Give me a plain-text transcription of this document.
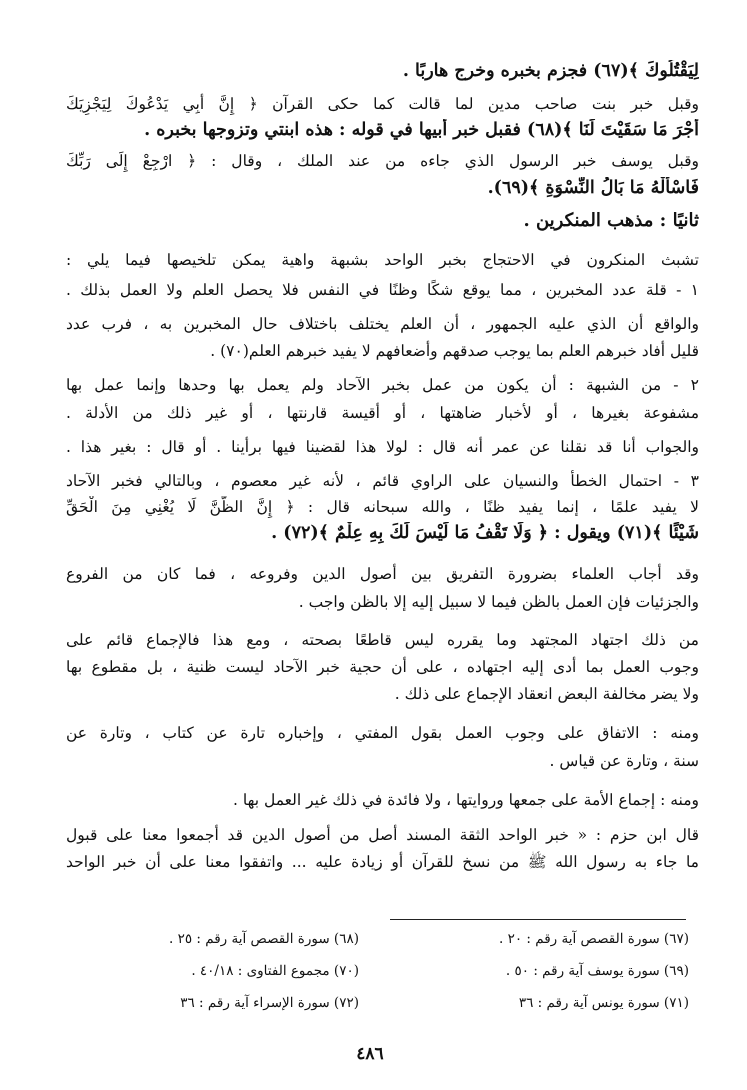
لِيَقْتُلُوكَ ﴾(٦٧) فجزم بخبره وخرج هاربًا .
وقبل خبر بنت صاحب مدين لما قالت كما حكى القرآن ﴿ إِنَّ أَبِي يَدْعُوكَ لِيَجْزِيَكَ
أَجْرَ مَا سَقَيْتَ لَنَا ﴾(٦٨) فقبل خبر أبيها في قوله : هذه ابنتي وتزوجها بخبره .
وقبل يوسف خبر الرسول الذي جاءه من عند الملك ، وقال : ﴿ ارْجِعْ إِلَى رَبِّكَ
فَاسْأَلْهُ مَا بَالُ النِّسْوَةِ ﴾(٦٩).
ثانيًا : مذهب المنكرين .
تشبث المنكرون في الاحتجاج بخبر الواحد بشبهة واهية يمكن تلخيصها فيما يلي :
١ - قلة عدد المخبرين ، مما يوقع شكًا وظنًا في النفس فلا يحصل العلم ولا العمل بذلك .
والواقع أن الذي عليه الجمهور ، أن العلم يختلف باختلاف حال المخبرين به ، فرب عدد
قليل أفاد خبرهم العلم بما يوجب صدقهم وأضعافهم لا يفيد خبرهم العلم(٧٠) .
٢ - من الشبهة : أن يكون من عمل بخبر الآحاد ولم يعمل بها وحدها وإنما عمل بها
مشفوعة بغيرها ، أو لأخبار ضاهتها ، أو أقيسة قارنتها ، أو غير ذلك من الأدلة .
والجواب أنا قد نقلنا عن عمر أنه قال : لولا هذا لقضينا فيها برأينا . أو قال : بغير هذا .
٣ - احتمال الخطأ والنسيان على الراوي قائم ، لأنه غير معصوم ، وبالتالي فخبر الآحاد
لا يفيد علمًا ، إنما يفيد ظنًا ، والله سبحانه قال : ﴿ إِنَّ الظَّنَّ لَا يُغْنِي مِنَ الْحَقِّ
شَيْئًا ﴾(٧١) ويقول : ﴿ وَلَا تَقْفُ مَا لَيْسَ لَكَ بِهِ عِلْمٌ ﴾(٧٢) .
وقد أجاب العلماء بضرورة التفريق بين أصول الدين وفروعه ، فما كان من الفروع
والجزئيات فإن العمل بالظن فيما لا سبيل إليه إلا بالظن واجب .
من ذلك اجتهاد المجتهد وما يقرره ليس قاطعًا بصحته ، ومع هذا فالإجماع قائم على
وجوب العمل بما أدى إليه اجتهاده ، على أن حجية خبر الآحاد ليست ظنية ، بل مقطوع بها
ولا يضر مخالفة البعض انعقاد الإجماع على ذلك .
ومنه : الاتفاق على وجوب العمل بقول المفتي ، وإخباره تارة عن كتاب ، وتارة عن
سنة ، وتارة عن قياس .
ومنه : إجماع الأمة على جمعها وروايتها ، ولا فائدة في ذلك غير العمل بها .
قال ابن حزم : « خبر الواحد الثقة المسند أصل من أصول الدين قد أجمعوا معنا على قبول
ما جاء به رسول الله ﷺ من نسخ للقرآن أو زيادة عليه ... واتفقوا معنا على أن خبر الواحد
(٦٧) سورة القصص آية رقم : ٢٠ .
(٦٨) سورة القصص آية رقم : ٢٥ .
(٦٩) سورة يوسف آية رقم : ٥٠ .
(٧٠) مجموع الفتاوى : ٤٠/١٨ .
(٧١) سورة يونس آية رقم : ٣٦
(٧٢) سورة الإسراء آية رقم : ٣٦
٤٨٦
